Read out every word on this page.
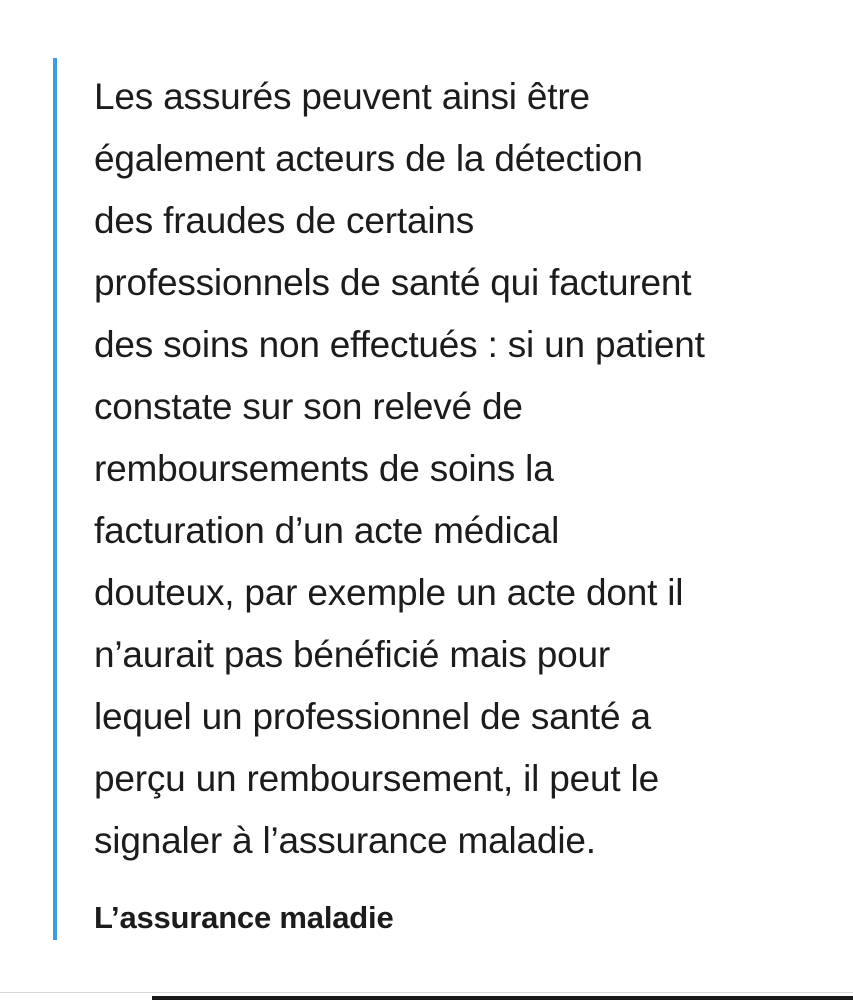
Les assurés peuvent ainsi être
également acteurs de la détection
des fraudes de certains
professionnels de santé qui facturent
des soins non effectués : si un patient
constate sur son relevé de
remboursements de soins la
facturation d’un acte médical
douteux, par exemple un acte dont il
n’aurait pas bénéficié mais pour
lequel un professionnel de santé a
perçu un remboursement, il peut le
signaler à l’assurance maladie.
L’assurance maladie
